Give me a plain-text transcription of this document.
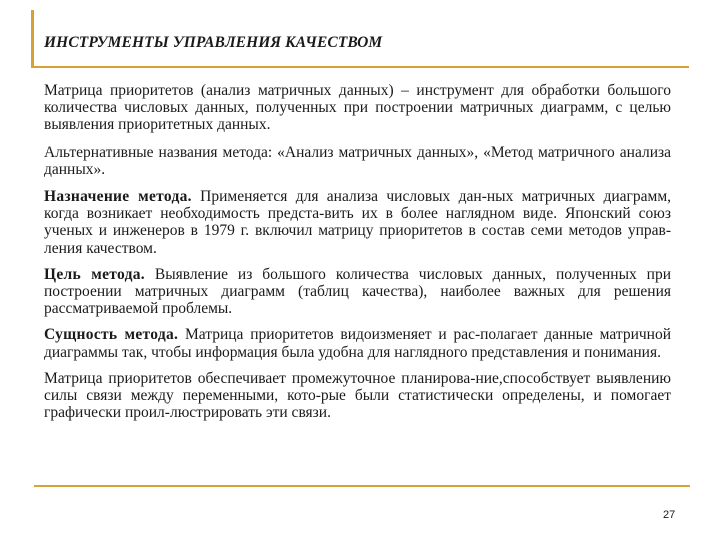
ИНСТРУМЕНТЫ УПРАВЛЕНИЯ КАЧЕСТВОМ

Матрица приоритетов (анализ матричных данных) – инструмент для обработки большого количества числовых данных, полученных при построении матричных диаграмм, с целью выявления приоритетных данных.

Альтернативные названия метода: «Анализ матричных данных», «Метод матричного анализа данных».

Назначение метода. Применяется для анализа числовых дан-ных матричных диаграмм, когда возникает необходимость предста-вить их в более наглядном виде. Японский союз ученых и инженеров в 1979 г. включил матрицу приоритетов в состав семи методов управ-ления качеством.

Цель метода. Выявление из большого количества числовых данных, полученных при построении матричных диаграмм (таблиц качества), наиболее важных для решения рассматриваемой проблемы.

Сущность метода. Матрица приоритетов видоизменяет и рас-полагает данные матричной диаграммы так, чтобы информация была удобна для наглядного представления и понимания.

Матрица приоритетов обеспечивает промежуточное планирова-ние,способствует выявлению силы связи между переменными, кото-рые были статистически определены, и помогает графически проил-люстрировать эти связи.

27
